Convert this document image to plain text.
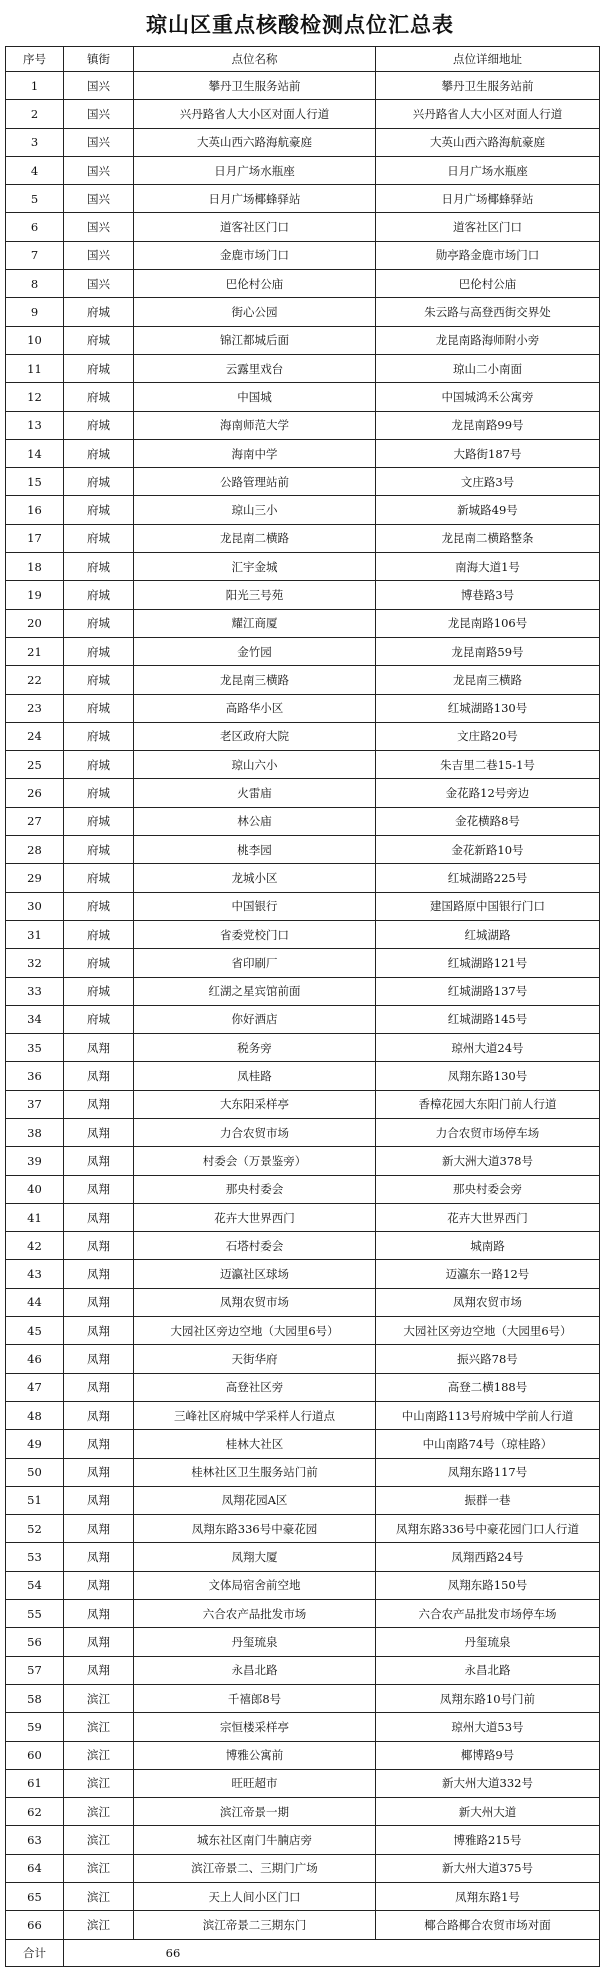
琼山区重点核酸检测点位汇总表
序号	镇街	点位名称	点位详细地址
1	国兴	攀丹卫生服务站前	攀丹卫生服务站前
2	国兴	兴丹路省人大小区对面人行道	兴丹路省人大小区对面人行道
3	国兴	大英山西六路海航豪庭	大英山西六路海航豪庭
4	国兴	日月广场水瓶座	日月广场水瓶座
5	国兴	日月广场椰蜂驿站	日月广场椰蜂驿站
6	国兴	道客社区门口	道客社区门口
7	国兴	金鹿市场门口	勋亭路金鹿市场门口
8	国兴	巴伦村公庙	巴伦村公庙
9	府城	街心公园	朱云路与高登西街交界处
10	府城	锦江都城后面	龙昆南路海师附小旁
11	府城	云露里戏台	琼山二小南面
12	府城	中国城	中国城鸿禾公寓旁
13	府城	海南师范大学	龙昆南路99号
14	府城	海南中学	大路街187号
15	府城	公路管理站前	文庄路3号
16	府城	琼山三小	新城路49号
17	府城	龙昆南二横路	龙昆南二横路整条
18	府城	汇宇金城	南海大道1号
19	府城	阳光三号苑	博巷路3号
20	府城	耀江商厦	龙昆南路106号
21	府城	金竹园	龙昆南路59号
22	府城	龙昆南三横路	龙昆南三横路
23	府城	高路华小区	红城湖路130号
24	府城	老区政府大院	文庄路20号
25	府城	琼山六小	朱吉里二巷15-1号
26	府城	火雷庙	金花路12号旁边
27	府城	林公庙	金花横路8号
28	府城	桃李园	金花新路10号
29	府城	龙城小区	红城湖路225号
30	府城	中国银行	建国路原中国银行门口
31	府城	省委党校门口	红城湖路
32	府城	省印刷厂	红城湖路121号
33	府城	红湖之星宾馆前面	红城湖路137号
34	府城	你好酒店	红城湖路145号
35	凤翔	税务旁	琼州大道24号
36	凤翔	凤桂路	凤翔东路130号
37	凤翔	大东阳采样亭	香樟花园大东阳门前人行道
38	凤翔	力合农贸市场	力合农贸市场停车场
39	凤翔	村委会（万景鉴旁）	新大洲大道378号
40	凤翔	那央村委会	那央村委会旁
41	凤翔	花卉大世界西门	花卉大世界西门
42	凤翔	石塔村委会	城南路
43	凤翔	迈瀛社区球场	迈瀛东一路12号
44	凤翔	凤翔农贸市场	凤翔农贸市场
45	凤翔	大园社区旁边空地（大园里6号）	大园社区旁边空地（大园里6号）
46	凤翔	天街华府	振兴路78号
47	凤翔	高登社区旁	高登二横188号
48	凤翔	三峰社区府城中学采样人行道点	中山南路113号府城中学前人行道
49	凤翔	桂林大社区	中山南路74号（琼桂路）
50	凤翔	桂林社区卫生服务站门前	凤翔东路117号
51	凤翔	凤翔花园A区	振群一巷
52	凤翔	凤翔东路336号中豪花园	凤翔东路336号中豪花园门口人行道
53	凤翔	凤翔大厦	凤翔西路24号
54	凤翔	文体局宿舍前空地	凤翔东路150号
55	凤翔	六合农产品批发市场	六合农产品批发市场停车场
56	凤翔	丹玺琉泉	丹玺琉泉
57	凤翔	永昌北路	永昌北路
58	滨江	千禧郎8号	凤翔东路10号门前
59	滨江	宗恒楼采样亭	琼州大道53号
60	滨江	博雅公寓前	椰博路9号
61	滨江	旺旺超市	新大州大道332号
62	滨江	滨江帝景一期	新大州大道
63	滨江	城东社区南门牛腩店旁	博雅路215号
64	滨江	滨江帝景二、三期门广场	新大州大道375号
65	滨江	天上人间小区门口	凤翔东路1号
66	滨江	滨江帝景二三期东门	椰合路椰合农贸市场对面
合计	66		
